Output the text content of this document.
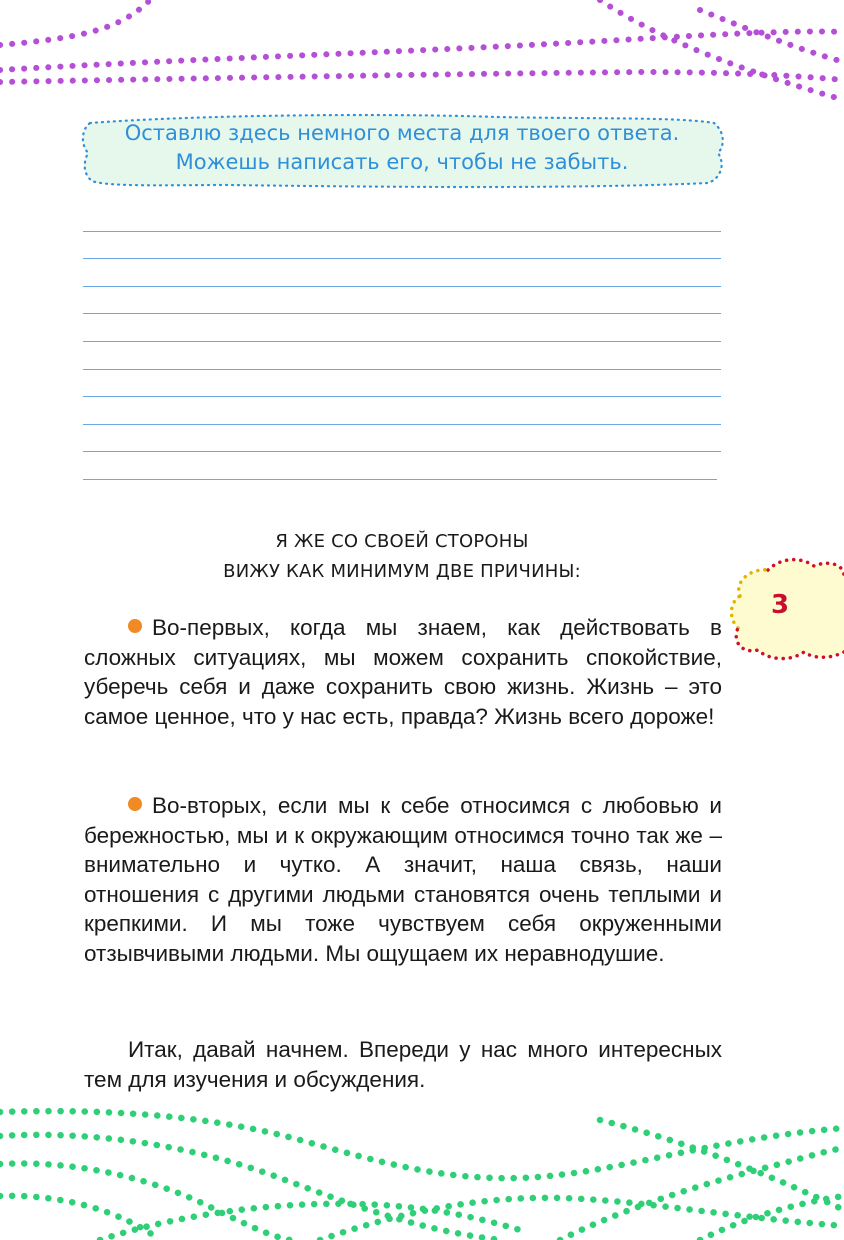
Оставлю здесь немного места для твоего ответа.
Можешь написать его, чтобы не забыть.
Я ЖЕ СО СВОЕЙ СТОРОНЫ
ВИЖУ КАК МИНИМУМ ДВЕ ПРИЧИНЫ:
3

Во-первых, когда мы знаем, как действовать в сложных ситуациях, мы можем сохранить спокойствие, уберечь себя и даже сохранить свою жизнь. Жизнь – это самое ценное, что у нас есть, правда? Жизнь всего дороже!

Во-вторых, если мы к себе относимся с любовью и бережностью, мы и к окружающим относимся точно так же – внимательно и чутко. А значит, наша связь, наши отношения с другими людьми становятся очень теплыми и крепкими. И мы тоже чувствуем себя окруженными отзывчивыми людьми. Мы ощущаем их неравнодушие.

Итак, давай начнем. Впереди у нас много интересных тем для изучения и обсуждения.
